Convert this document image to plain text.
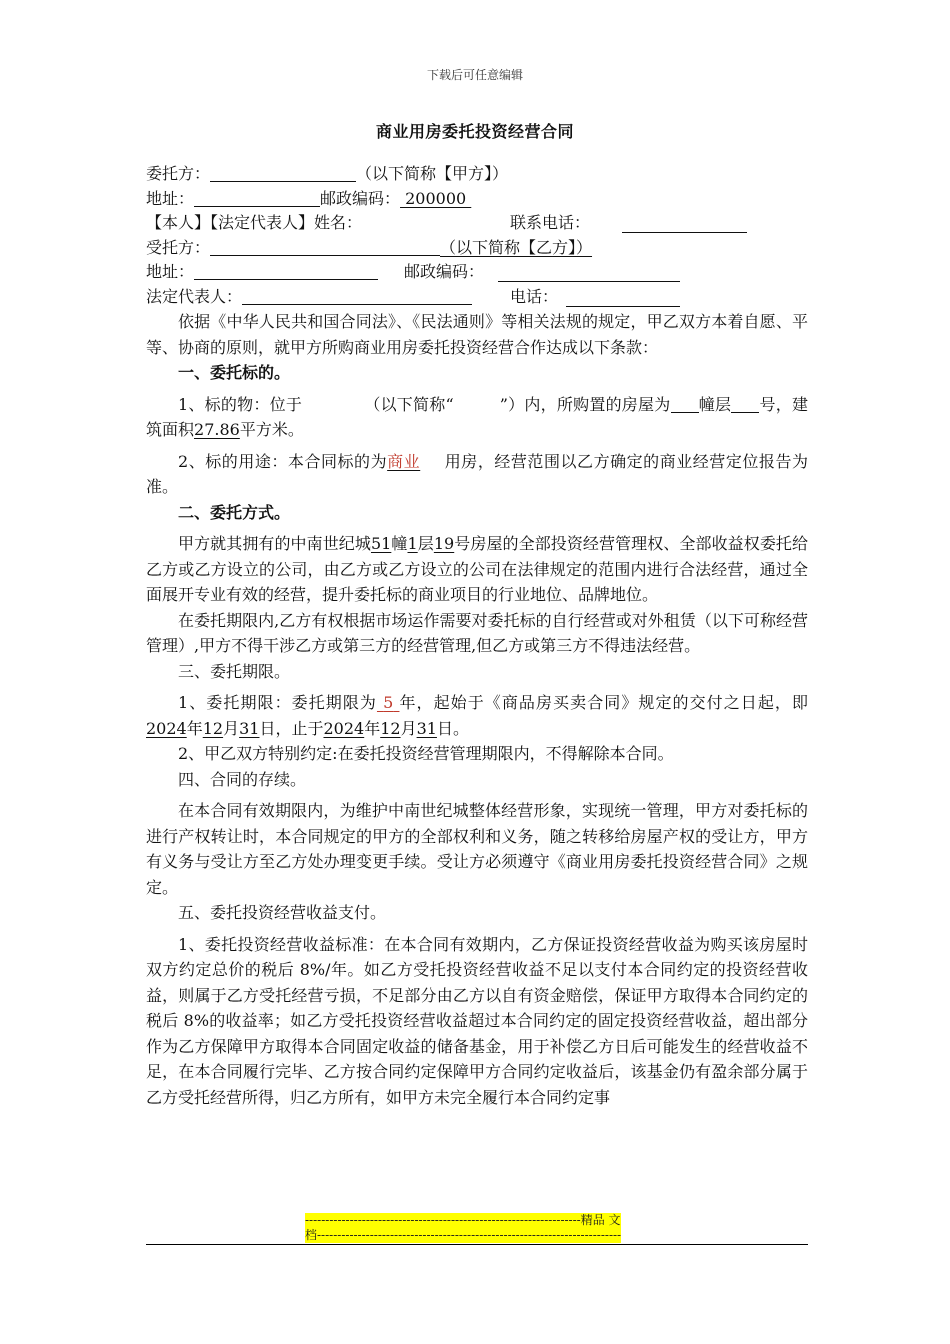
下载后可任意编辑
商业用房委托投资经营合同
委托方：	（以下简称【甲方】）
地址：	邮政编码： 200000
【本人】【法定代表人】姓名：	联系电话：
受托方：	（以下简称【乙方】）
地址：	邮政编码：
法定代表人：	电话：
依据《中华人民共和国合同法》、《民法通则》等相关法规的规定，甲乙双方本着自愿、平等、协商的原则，就甲方所购商业用房委托投资经营合作达成以下条款：
一、委托标的。
1、标的物：位于	（以下简称“	”）内，所购置的房屋为 幢层 号，建筑面积27.86平方米。
2、标的用途：本合同标的为商业 用房，经营范围以乙方确定的商业经营定位报告为准。
二、委托方式。
甲方就其拥有的中南世纪城51幢1层19号房屋的全部投资经营管理权、全部收益权委托给乙方或乙方设立的公司，由乙方或乙方设立的公司在法律规定的范围内进行合法经营，通过全面展开专业有效的经营，提升委托标的商业项目的行业地位、品牌地位。
在委托期限内,乙方有权根据市场运作需要对委托标的自行经营或对外租赁（以下可称经营管理）,甲方不得干涉乙方或第三方的经营管理,但乙方或第三方不得违法经营。
三、委托期限。
1、委托期限：委托期限为 5 年，起始于《商品房买卖合同》规定的交付之日起，即2024年12月31日，止于2024年12月31日。
2、甲乙双方特别约定:在委托投资经营管理期限内，不得解除本合同。
四、合同的存续。
在本合同有效期限内，为维护中南世纪城整体经营形象，实现统一管理，甲方对委托标的进行产权转让时，本合同规定的甲方的全部权利和义务，随之转移给房屋产权的受让方，甲方有义务与受让方至乙方处办理变更手续。受让方必须遵守《商业用房委托投资经营合同》之规定。
五、委托投资经营收益支付。
1、委托投资经营收益标准：在本合同有效期内，乙方保证投资经营收益为购买该房屋时双方约定总价的税后 8%/年。如乙方受托投资经营收益不足以支付本合同约定的投资经营收益，则属于乙方受托经营亏损，不足部分由乙方以自有资金赔偿，保证甲方取得本合同约定的税后 8%的收益率；如乙方受托投资经营收益超过本合同约定的固定投资经营收益，超出部分作为乙方保障甲方取得本合同固定收益的储备基金，用于补偿乙方日后可能发生的经营收益不足，在本合同履行完毕、乙方按合同约定保障甲方合同约定收益后，该基金仍有盈余部分属于乙方受托经营所得，归乙方所有，如甲方未完全履行本合同约定事
--------------------------------------------------------------------精品 文
档---------------------------------------------------------------------------
